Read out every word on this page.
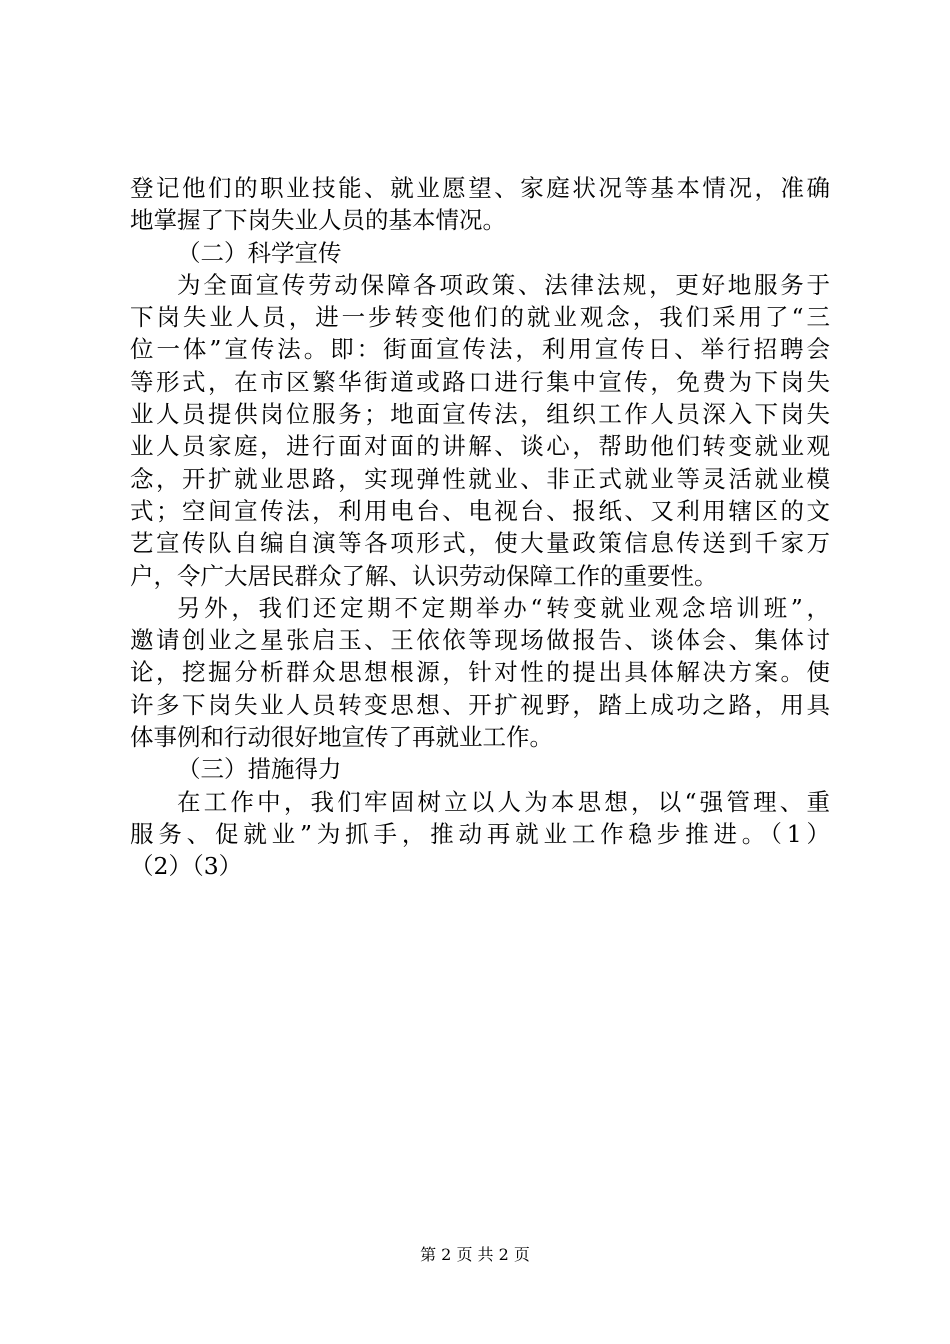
登记他们的职业技能、就业愿望、家庭状况等基本情况，准确
地掌握了下岗失业人员的基本情况。
（二）科学宣传
为全面宣传劳动保障各项政策、法律法规，更好地服务于
下岗失业人员，进一步转变他们的就业观念，我们采用了“三
位一体”宣传法。即：街面宣传法，利用宣传日、举行招聘会
等形式，在市区繁华街道或路口进行集中宣传，免费为下岗失
业人员提供岗位服务；地面宣传法，组织工作人员深入下岗失
业人员家庭，进行面对面的讲解、谈心，帮助他们转变就业观
念，开扩就业思路，实现弹性就业、非正式就业等灵活就业模
式；空间宣传法，利用电台、电视台、报纸、又利用辖区的文
艺宣传队自编自演等各项形式，使大量政策信息传送到千家万
户，令广大居民群众了解、认识劳动保障工作的重要性。
另外，我们还定期不定期举办“转变就业观念培训班”，
邀请创业之星张启玉、王依依等现场做报告、谈体会、集体讨
论，挖掘分析群众思想根源，针对性的提出具体解决方案。使
许多下岗失业人员转变思想、开扩视野，踏上成功之路，用具
体事例和行动很好地宣传了再就业工作。
（三）措施得力
在工作中，我们牢固树立以人为本思想，以“强管理、重
服务、促就业”为抓手，推动再就业工作稳步推进。（1）
（2）（3）
第 2 页 共 2 页
